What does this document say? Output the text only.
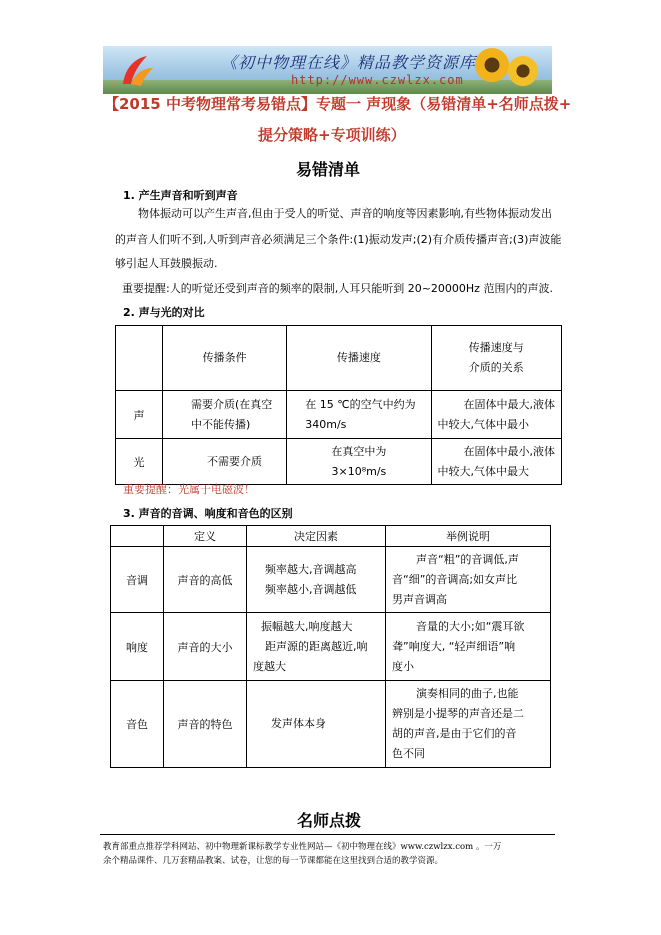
《初中物理在线》精品教学资源库
http://www.czwlzx.com
【2015 中考物理常考易错点】专题一 声现象（易错清单+名师点拨+
提分策略+专项训练）
易错清单
1. 产生声音和听到声音
物体振动可以产生声音,但由于受人的听觉、声音的响度等因素影响,有些物体振动发出
的声音人们听不到,人听到声音必须满足三个条件:(1)振动发声;(2)有介质传播声音;(3)声波能
够引起人耳鼓膜振动.
重要提醒:人的听觉还受到声音的频率的限制,人耳只能听到 20~20000Hz 范围内的声波.
2. 声与光的对比

	传播条件	传播速度	传播速度与
介质的关系

声	需要介质(在真空
中不能传播)	在 15 ℃的空气中约为
340m/s	在固体中最大,液体
中较大,气体中最小

光	不需要介质	在真空中为
3×10⁸m/s	在固体中最小,液体
中较大,气体中最大
重要提醒：光属于电磁波！
3. 声音的音调、响度和音色的区别
	定义	决定因素	举例说明
音调	声音的高低	频率越大,音调越高
频率越小,音调越低	声音“粗”的音调低,声
音“细”的音调高;如女声比
男声音调高

响度	声音的大小	振幅越大,响度越大
距声源的距离越近,响
度越大	音量的大小;如“震耳欲
聋”响度大, “轻声细语”响
度小

音色	声音的特色	发声体本身	演奏相同的曲子,也能
辨别是小提琴的声音还是二
胡的声音,是由于它们的音
色不同
名师点拨
教育部重点推荐学科网站、初中物理新课标教学专业性网站—《初中物理在线》www.czwlzx.com 。一万
余个精品课件、几万套精品教案、试卷，让您的每一节课都能在这里找到合适的教学资源。
